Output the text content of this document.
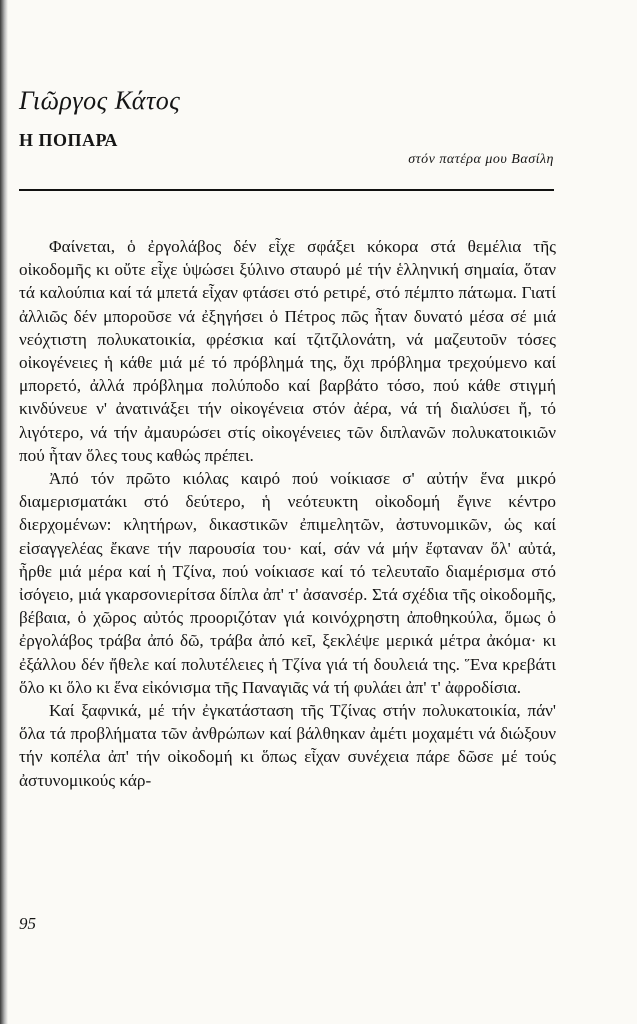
Γιῶργος Κάτος
Η ΠΟΠΑΡΑ
στόν πατέρα μου Βασίλη

Φαίνεται, ὁ ἐργολάβος δέν εἶχε σφάξει κόκορα στά θεμέλια τῆς οἰκοδομῆς κι οὔτε εἶχε ὑψώσει ξύλινο σταυρό μέ τήν ἑλληνική σημαία, ὅταν τά καλούπια καί τά μπετά εἶχαν φτάσει στό ρετιρέ, στό πέμπτο πάτωμα. Γιατί ἀλλιῶς δέν μποροῦσε νά ἐξηγήσει ὁ Πέτρος πῶς ἦταν δυνατό μέσα σέ μιά νεόχτιστη πολυκατοικία, φρέσκια καί τζιτζιλονάτη, νά μαζευτοῦν τόσες οἰκογένειες ἡ κάθε μιά μέ τό πρόβλημά της, ὄχι πρόβλημα τρεχούμενο καί μπορετό, ἀλλά πρόβλημα πολύποδο καί βαρβάτο τόσο, πού κάθε στιγμή κινδύνευε ν' ἀνατινάξει τήν οἰκογένεια στόν ἀέρα, νά τή διαλύσει ἤ, τό λιγότερο, νά τήν ἀμαυρώσει στίς οἰκογένειες τῶν διπλανῶν πολυκατοικιῶν πού ἦταν ὅλες τους καθώς πρέπει.

Ἀπό τόν πρῶτο κιόλας καιρό πού νοίκιασε σ' αὐτήν ἕνα μικρό διαμερισματάκι στό δεύτερο, ἡ νεότευκτη οἰκοδομή ἔγινε κέντρο διερχομένων: κλητήρων, δικαστικῶν ἐπιμελητῶν, ἀστυνομικῶν, ὡς καί εἰσαγγελέας ἔκανε τήν παρουσία του· καί, σάν νά μήν ἔφταναν ὅλ' αὐτά, ἦρθε μιά μέρα καί ἡ Τζίνα, πού νοίκιασε καί τό τελευταῖο διαμέρισμα στό ἰσόγειο, μιά γκαρσονιερίτσα δίπλα ἀπ' τ' ἀσανσέρ. Στά σχέδια τῆς οἰκοδομῆς, βέβαια, ὁ χῶρος αὐτός προοριζόταν γιά κοινόχρηστη ἀποθηκούλα, ὅμως ὁ ἐργολάβος τράβα ἀπό δῶ, τράβα ἀπό κεῖ, ξεκλέψε μερικά μέτρα ἀκόμα· κι ἐξάλλου δέν ἤθελε καί πολυτέλειες ἡ Τζίνα γιά τή δουλειά της. Ἕνα κρεβάτι ὅλο κι ὅλο κι ἕνα εἰκόνισμα τῆς Παναγιᾶς νά τή φυλάει ἀπ' τ' ἀφροδίσια.

Καί ξαφνικά, μέ τήν ἐγκατάσταση τῆς Τζίνας στήν πολυκατοικία, πάν' ὅλα τά προβλήματα τῶν ἀνθρώπων καί βάλθηκαν ἀμέτι μοχαμέτι νά διώξουν τήν κοπέλα ἀπ' τήν οἰκοδομή κι ὅπως εἶχαν συνέχεια πάρε δῶσε μέ τούς ἀστυνομικούς κάρ-

95
